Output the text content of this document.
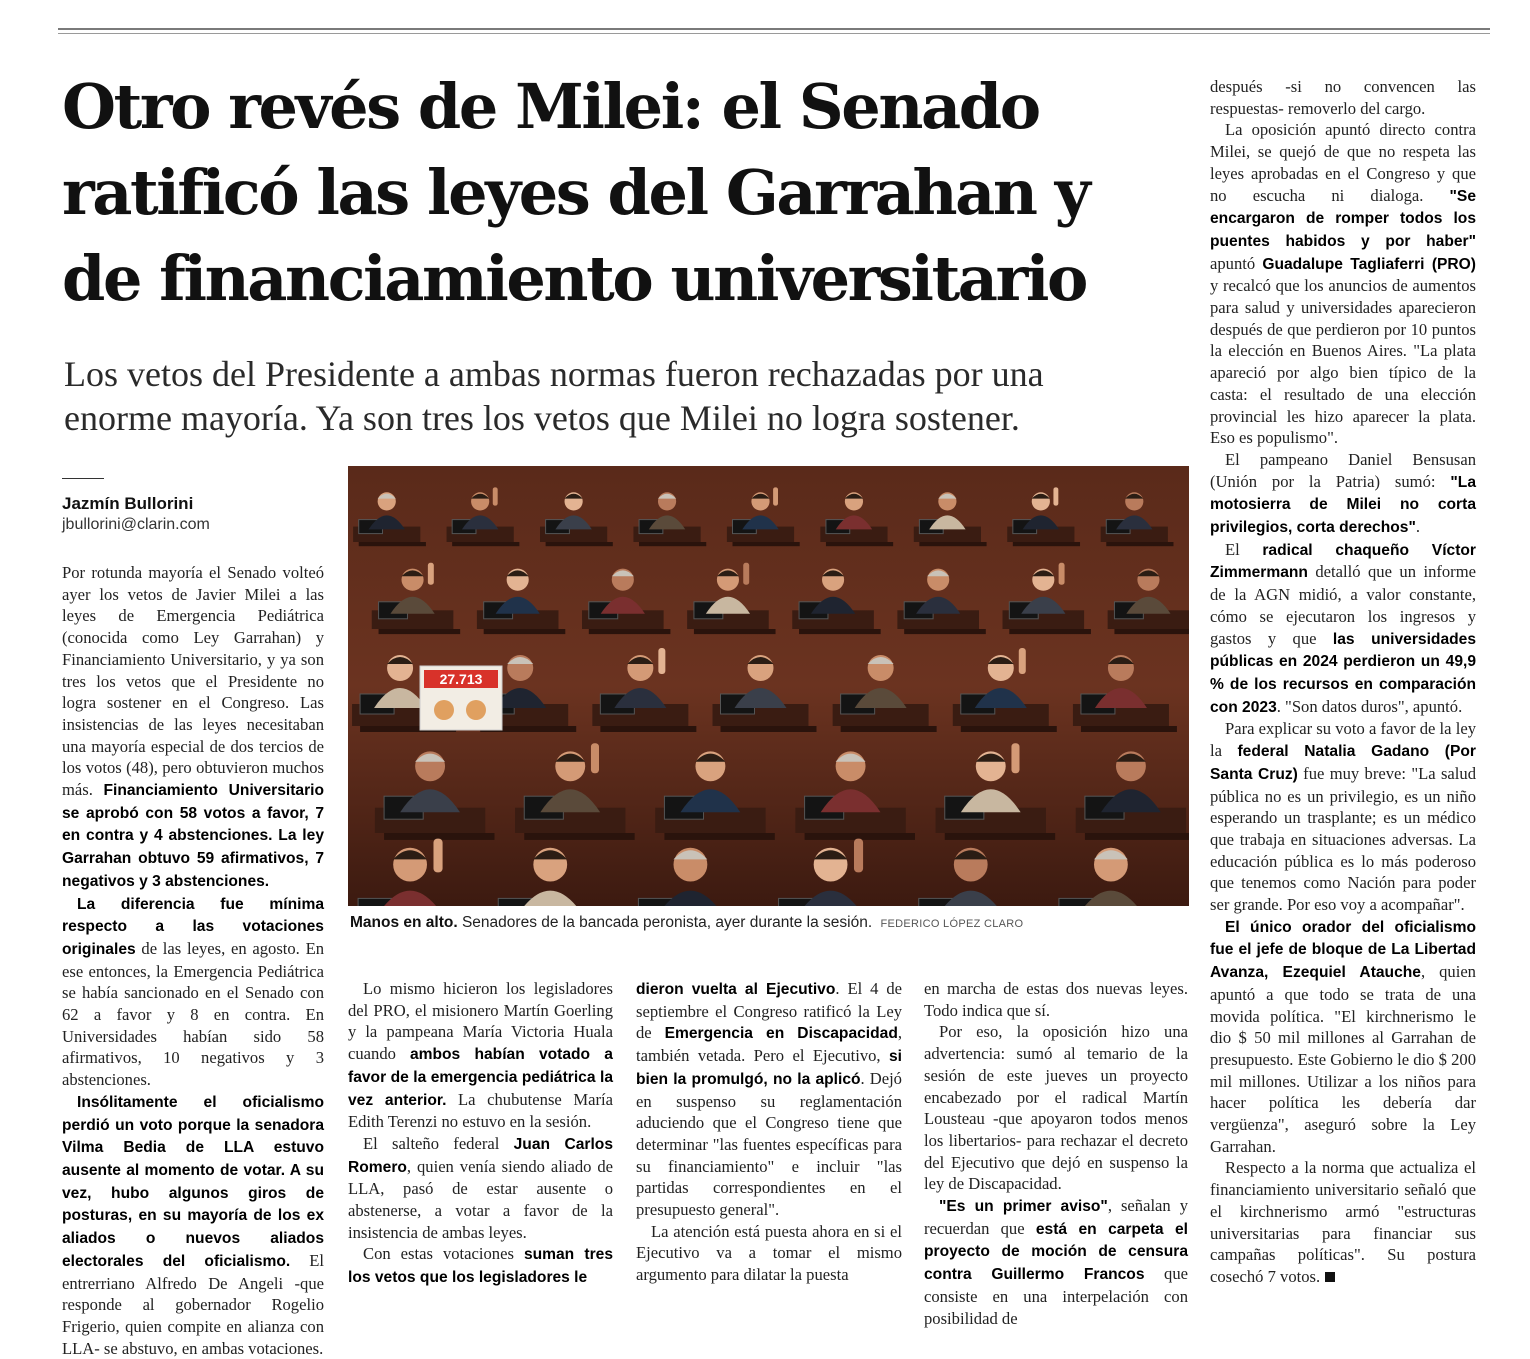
Otro revés de Milei: el Senado
ratificó las leyes del Garrahan y
de financiamiento universitario
Los vetos del Presidente a ambas normas fueron rechazadas por una
enorme mayoría. Ya son tres los vetos que Milei no logra sostener.
Jazmín Bullorini
jbullorini@clarin.com

Por rotunda mayoría el Senado volteó ayer los vetos de Javier Milei a las leyes de Emergencia Pediátrica (conocida como Ley Garrahan) y Financiamiento Universitario, y ya son tres los vetos que el Presidente no logra sostener en el Congreso. Las insistencias de las leyes necesitaban una mayoría especial de dos tercios de los votos (48), pero obtuvieron muchos más. Financiamiento Universitario se aprobó con 58 votos a favor, 7 en contra y 4 abstenciones. La ley Garrahan obtuvo 59 afirmativos, 7 negativos y 3 abstenciones.

La diferencia fue mínima respecto a las votaciones originales de las leyes, en agosto. En ese entonces, la Emergencia Pediátrica se había sancionado en el Senado con 62 a favor y 8 en contra. En Universidades habían sido 58 afirmativos, 10 negativos y 3 abstenciones.

Insólitamente el oficialismo perdió un voto porque la senadora Vilma Bedia de LLA estuvo ausente al momento de votar. A su vez, hubo algunos giros de posturas, en su mayoría de los ex aliados o nuevos aliados electorales del oficialismo. El entrerriano Alfredo De Angeli -que responde al gobernador Rogelio Frigerio, quien compite en alianza con LLA- se abstuvo, en ambas votaciones.

27.713
Manos en alto. Senadores de la bancada peronista, ayer durante la sesión. FEDERICO LÓPEZ CLARO

Lo mismo hicieron los legisladores del PRO, el misionero Martín Goerling y la pampeana María Victoria Huala cuando ambos habían votado a favor de la emergencia pediátrica la vez anterior. La chubutense María Edith Terenzi no estuvo en la sesión.

El salteño federal Juan Carlos Romero, quien venía siendo aliado de LLA, pasó de estar ausente o abstenerse, a votar a favor de la insistencia de ambas leyes.

Con estas votaciones suman tres los vetos que los legisladores le

dieron vuelta al Ejecutivo. El 4 de septiembre el Congreso ratificó la Ley de Emergencia en Discapacidad, también vetada. Pero el Ejecutivo, si bien la promulgó, no la aplicó. Dejó en suspenso su reglamentación aduciendo que el Congreso tiene que determinar "las fuentes específicas para su financiamiento" e incluir "las partidas correspondientes en el presupuesto general".

La atención está puesta ahora en si el Ejecutivo va a tomar el mismo argumento para dilatar la puesta

en marcha de estas dos nuevas leyes. Todo indica que sí.

Por eso, la oposición hizo una advertencia: sumó al temario de la sesión de este jueves un proyecto encabezado por el radical Martín Lousteau -que apoyaron todos menos los libertarios- para rechazar el decreto del Ejecutivo que dejó en suspenso la ley de Discapacidad.

"Es un primer aviso", señalan y recuerdan que está en carpeta el proyecto de moción de censura contra Guillermo Francos que consiste en una interpelación con posibilidad de

después -si no convencen las respuestas- removerlo del cargo.

La oposición apuntó directo contra Milei, se quejó de que no respeta las leyes aprobadas en el Congreso y que no escucha ni dialoga. "Se encargaron de romper todos los puentes habidos y por haber" apuntó Guadalupe Tagliaferri (PRO) y recalcó que los anuncios de aumentos para salud y universidades aparecieron después de que perdieron por 10 puntos la elección en Buenos Aires. "La plata apareció por algo bien típico de la casta: el resultado de una elección provincial les hizo aparecer la plata. Eso es populismo".

El pampeano Daniel Bensusan (Unión por la Patria) sumó: "La motosierra de Milei no corta privilegios, corta derechos".

El radical chaqueño Víctor Zimmermann detalló que un informe de la AGN midió, a valor constante, cómo se ejecutaron los ingresos y gastos y que las universidades públicas en 2024 perdieron un 49,9 % de los recursos en comparación con 2023. "Son datos duros", apuntó.

Para explicar su voto a favor de la ley la federal Natalia Gadano (Por Santa Cruz) fue muy breve: "La salud pública no es un privilegio, es un niño esperando un trasplante; es un médico que trabaja en situaciones adversas. La educación pública es lo más poderoso que tenemos como Nación para poder ser grande. Por eso voy a acompañar".

El único orador del oficialismo fue el jefe de bloque de La Libertad Avanza, Ezequiel Atauche, quien apuntó a que todo se trata de una movida política. "El kirchnerismo le dio $ 50 mil millones al Garrahan de presupuesto. Este Gobierno le dio $ 200 mil millones. Utilizar a los niños para hacer política les debería dar vergüenza", aseguró sobre la Ley Garrahan.

Respecto a la norma que actualiza el financiamiento universitario señaló que el kirchnerismo armó "estructuras universitarias para financiar sus campañas políticas". Su postura cosechó 7 votos.
